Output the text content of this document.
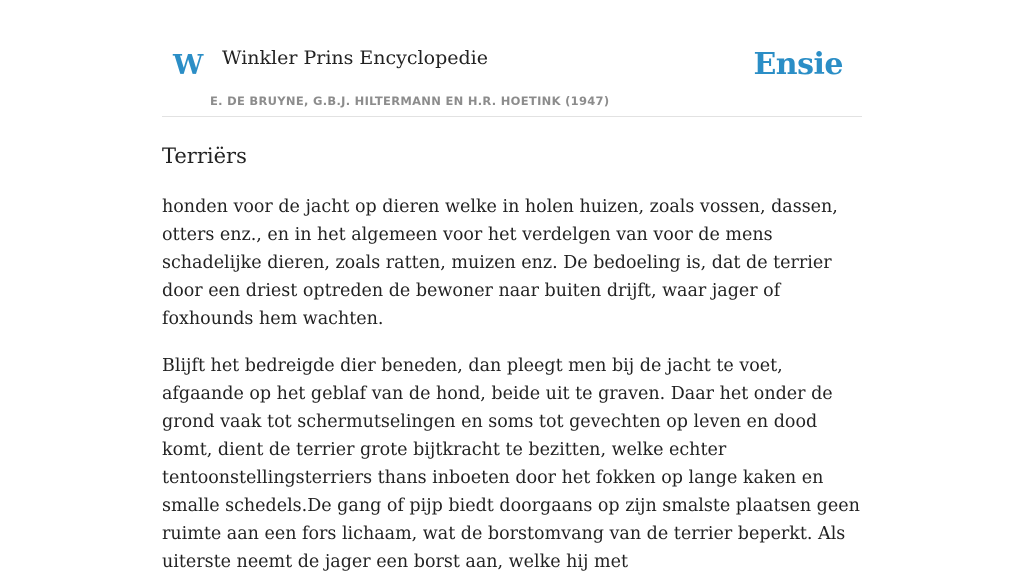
W Winkler Prins Encyclopedie
E. DE BRUYNE, G.B.J. HILTERMANN EN H.R. HOETINK (1947)
Ensie
Terriërs

honden voor de jacht op dieren welke in holen huizen, zoals vossen, dassen, otters enz., en in het algemeen voor het verdelgen van voor de mens schadelijke dieren, zoals ratten, muizen enz. De bedoeling is, dat de terrier door een driest optreden de bewoner naar buiten drijft, waar jager of foxhounds hem wachten.

Blijft het bedreigde dier beneden, dan pleegt men bij de jacht te voet, afgaande op het geblaf van de hond, beide uit te graven. Daar het onder de grond vaak tot schermutselingen en soms tot gevechten op leven en dood komt, dient de terrier grote bijtkracht te bezitten, welke echter tentoonstellingsterriers thans inboeten door het fokken op lange kaken en smalle schedels.De gang of pijp biedt doorgaans op zijn smalste plaatsen geen ruimte aan een fors lichaam, wat de borstomvang van de terrier beperkt. Als uiterste neemt de jager een borst aan, welke hij met
